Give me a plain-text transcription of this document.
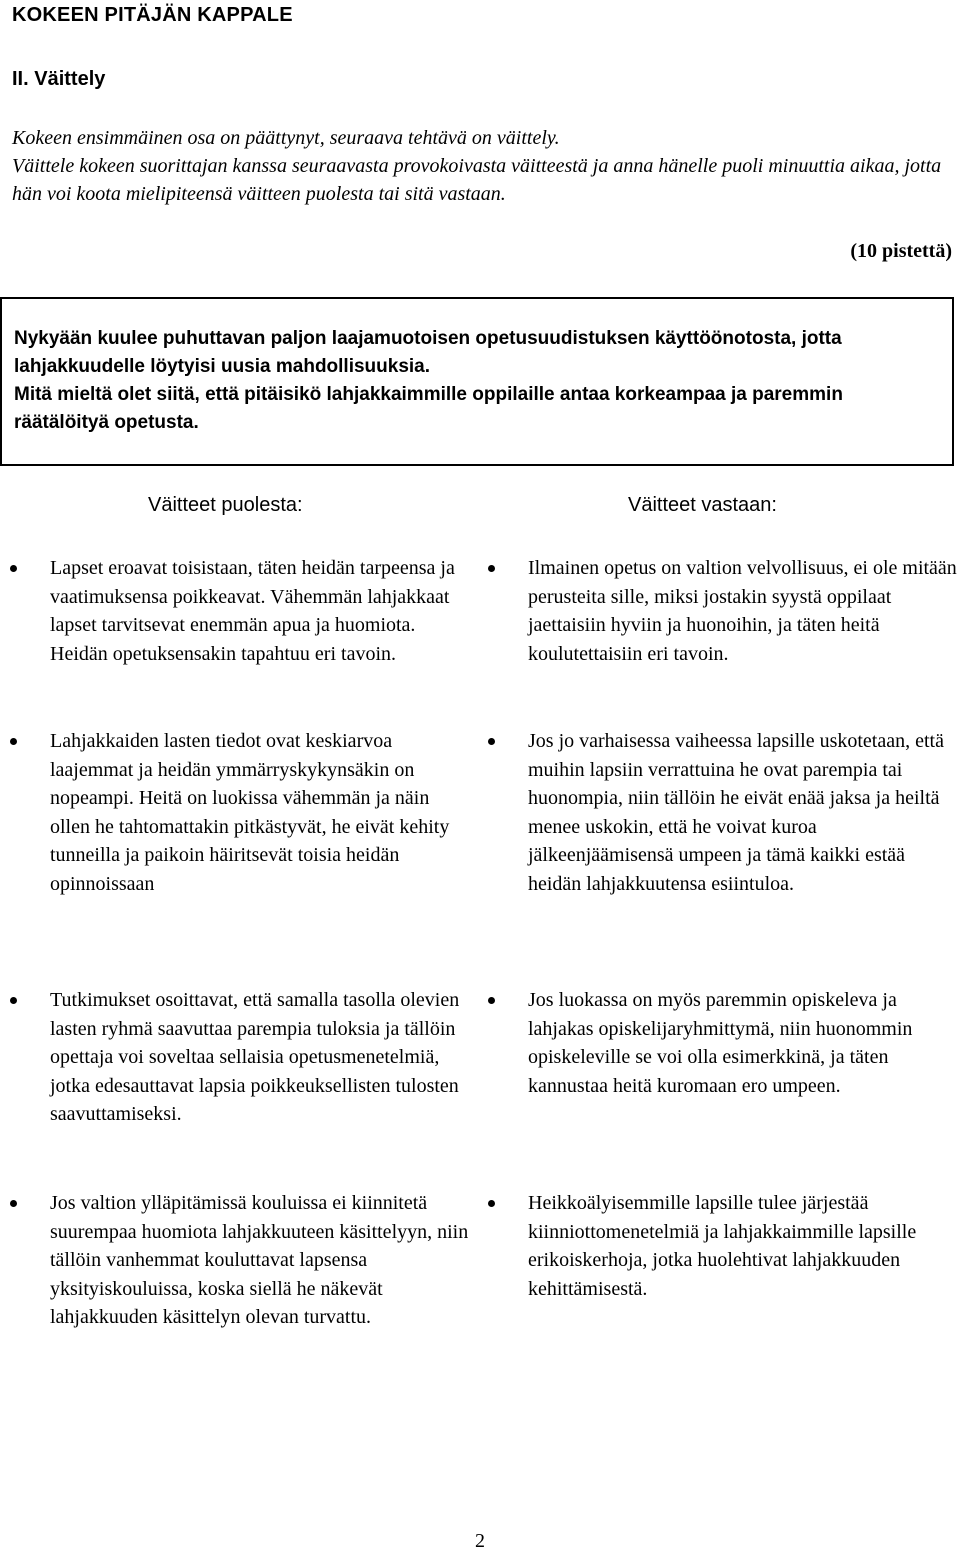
KOKEEN PITÄJÄN KAPPALE
II. Väittely

Kokeen ensimmäinen osa on päättynyt, seuraava tehtävä on väittely.

Väittele kokeen suorittajan kanssa seuraavasta provokoivasta väitteestä ja anna hänelle puoli minuuttia aikaa, jotta hän voi koota mielipiteensä väitteen puolesta tai sitä vastaan.

(10 pistettä)

Nykyään kuulee puhuttavan paljon laajamuotoisen opetusuudistuksen käyttöönotosta, jotta lahjakkuudelle löytyisi uusia mahdollisuuksia.

Mitä mieltä olet siitä, että pitäisikö lahjakkaimmille oppilaille antaa korkeampaa ja paremmin räätälöityä opetusta.

Väitteet puolesta:	Väitteet vastaan:
Lapset eroavat toisistaan, täten heidän tarpeensa ja vaatimuksensa poikkeavat. Vähemmän lahjakkaat lapset tarvitsevat enemmän apua ja huomiota. Heidän opetuksensakin tapahtuu eri tavoin.
Lahjakkaiden lasten tiedot ovat keskiarvoa laajemmat ja heidän ymmärryskykynsäkin on nopeampi. Heitä on luokissa vähemmän ja näin ollen he tahtomattakin pitkästyvät, he eivät kehity tunneilla ja paikoin häiritsevät toisia heidän opinnoissaan
Tutkimukset osoittavat, että samalla tasolla olevien lasten ryhmä saavuttaa parempia tuloksia ja tällöin opettaja voi soveltaa sellaisia opetusmenetelmiä, jotka edesauttavat lapsia poikkeuksellisten tulosten saavuttamiseksi.
Jos valtion ylläpitämissä kouluissa ei kiinnitetä suurempaa huomiota lahjakkuuteen käsittelyyn, niin tällöin vanhemmat kouluttavat lapsensa yksityiskouluissa, koska siellä he näkevät lahjakkuuden käsittelyn olevan turvattu.
Ilmainen opetus on valtion velvollisuus, ei ole mitään perusteita sille, miksi jostakin syystä oppilaat jaettaisiin hyviin ja huonoihin, ja täten heitä koulutettaisiin eri tavoin.
Jos jo varhaisessa vaiheessa lapsille uskotetaan, että muihin lapsiin verrattuina he ovat parempia tai huonompia, niin tällöin he eivät enää jaksa ja heiltä menee uskokin, että he voivat kuroa jälkeenjäämisensä umpeen ja tämä kaikki estää heidän lahjakkuutensa esiintuloa.
Jos luokassa on myös paremmin opiskeleva ja lahjakas opiskelijaryhmittymä, niin huonommin opiskeleville se voi olla esimerkkinä, ja täten kannustaa heitä kuromaan ero umpeen.
Heikkoälyisemmille lapsille tulee järjestää kiinniottomenetelmiä ja lahjakkaimmille lapsille erikoiskerhoja, jotka huolehtivat lahjakkuuden kehittämisestä.
2
